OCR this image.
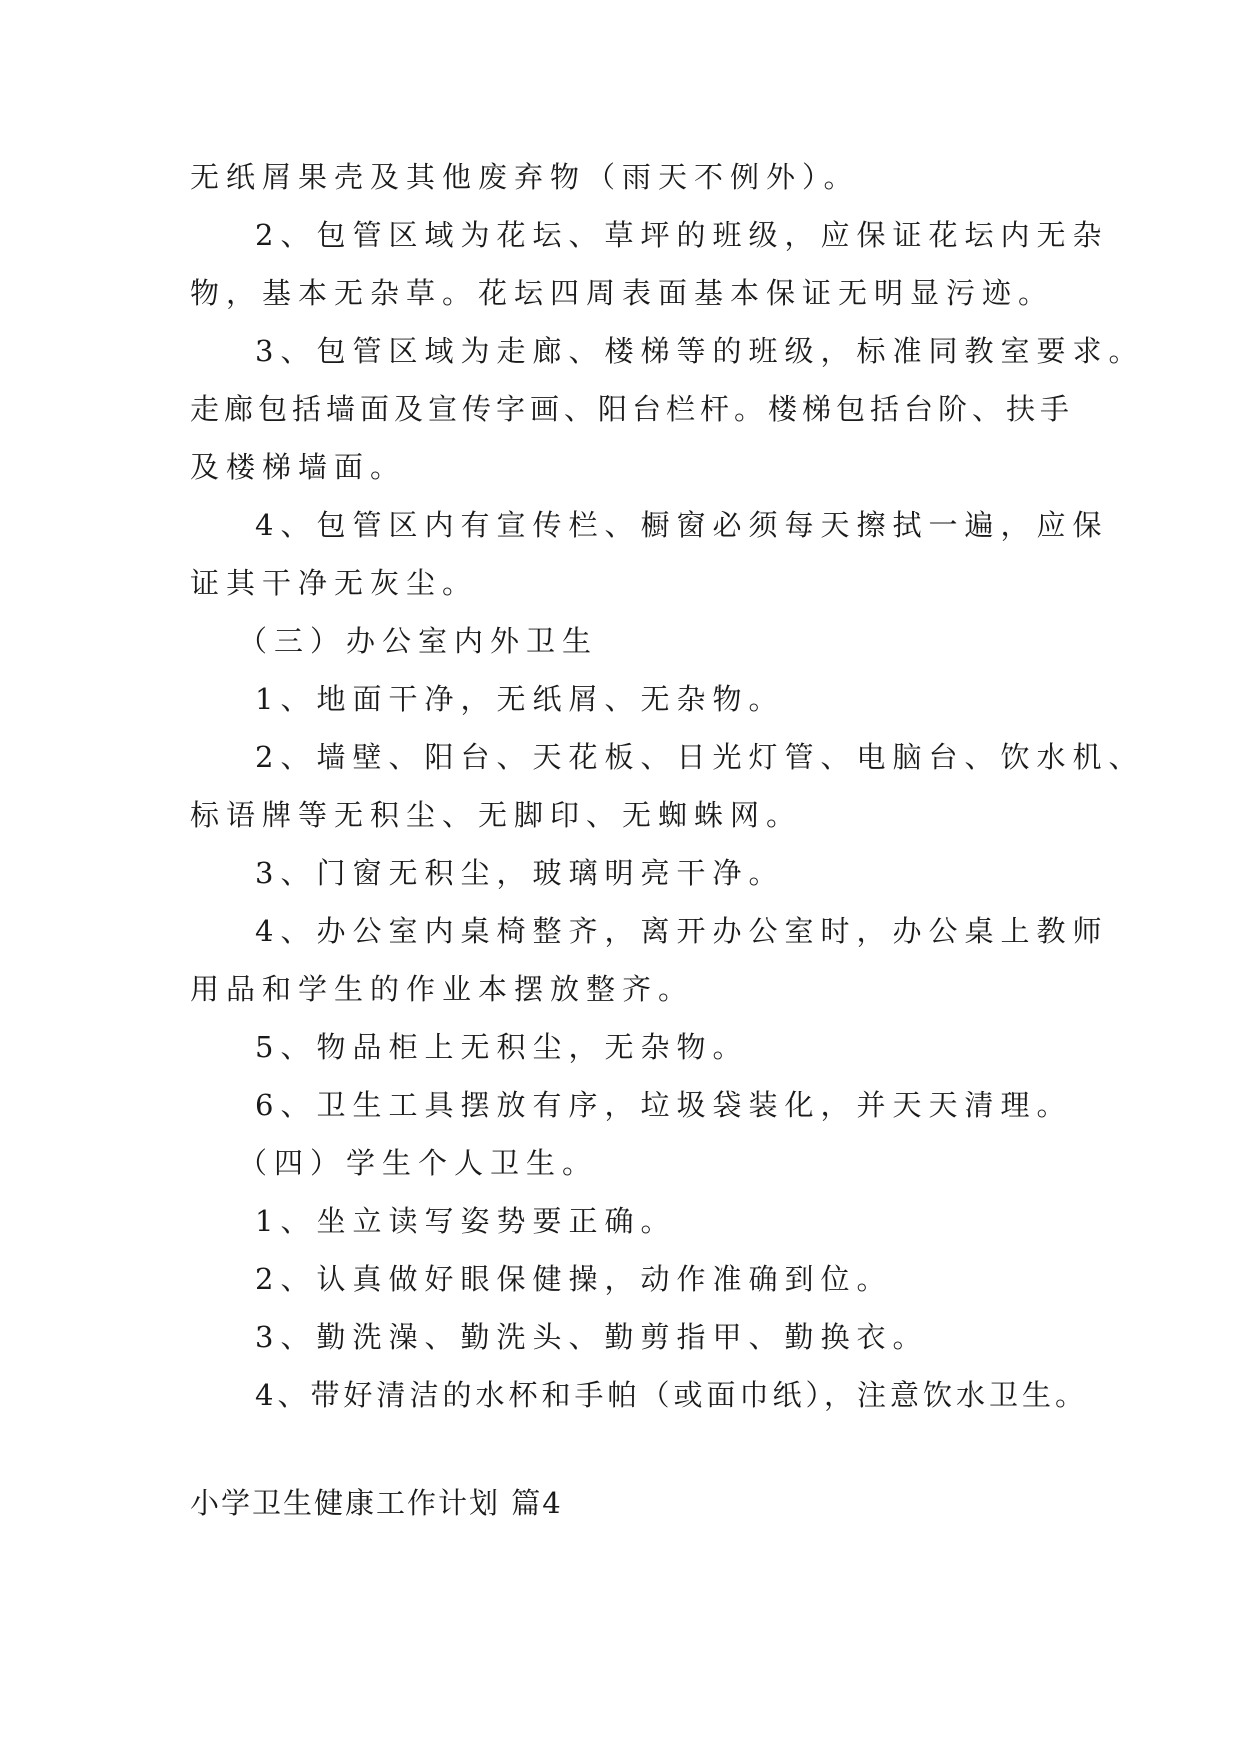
无纸屑果壳及其他废弃物（雨天不例外）。

2、包管区域为花坛、草坪的班级，应保证花坛内无杂

物，基本无杂草。花坛四周表面基本保证无明显污迹。

3、包管区域为走廊、楼梯等的班级，标准同教室要求。

走廊包括墙面及宣传字画、阳台栏杆。楼梯包括台阶、扶手

及楼梯墙面。

4、包管区内有宣传栏、橱窗必须每天擦拭一遍，应保

证其干净无灰尘。

（三）办公室内外卫生

1、地面干净，无纸屑、无杂物。

2、墙壁、阳台、天花板、日光灯管、电脑台、饮水机、

标语牌等无积尘、无脚印、无蜘蛛网。

3、门窗无积尘，玻璃明亮干净。

4、办公室内桌椅整齐，离开办公室时，办公桌上教师

用品和学生的作业本摆放整齐。

5、物品柜上无积尘，无杂物。

6、卫生工具摆放有序，垃圾袋装化，并天天清理。

（四）学生个人卫生。

1、坐立读写姿势要正确。

2、认真做好眼保健操，动作准确到位。

3、勤洗澡、勤洗头、勤剪指甲、勤换衣。

4、带好清洁的水杯和手帕（或面巾纸），注意饮水卫生。

小学卫生健康工作计划 篇4
